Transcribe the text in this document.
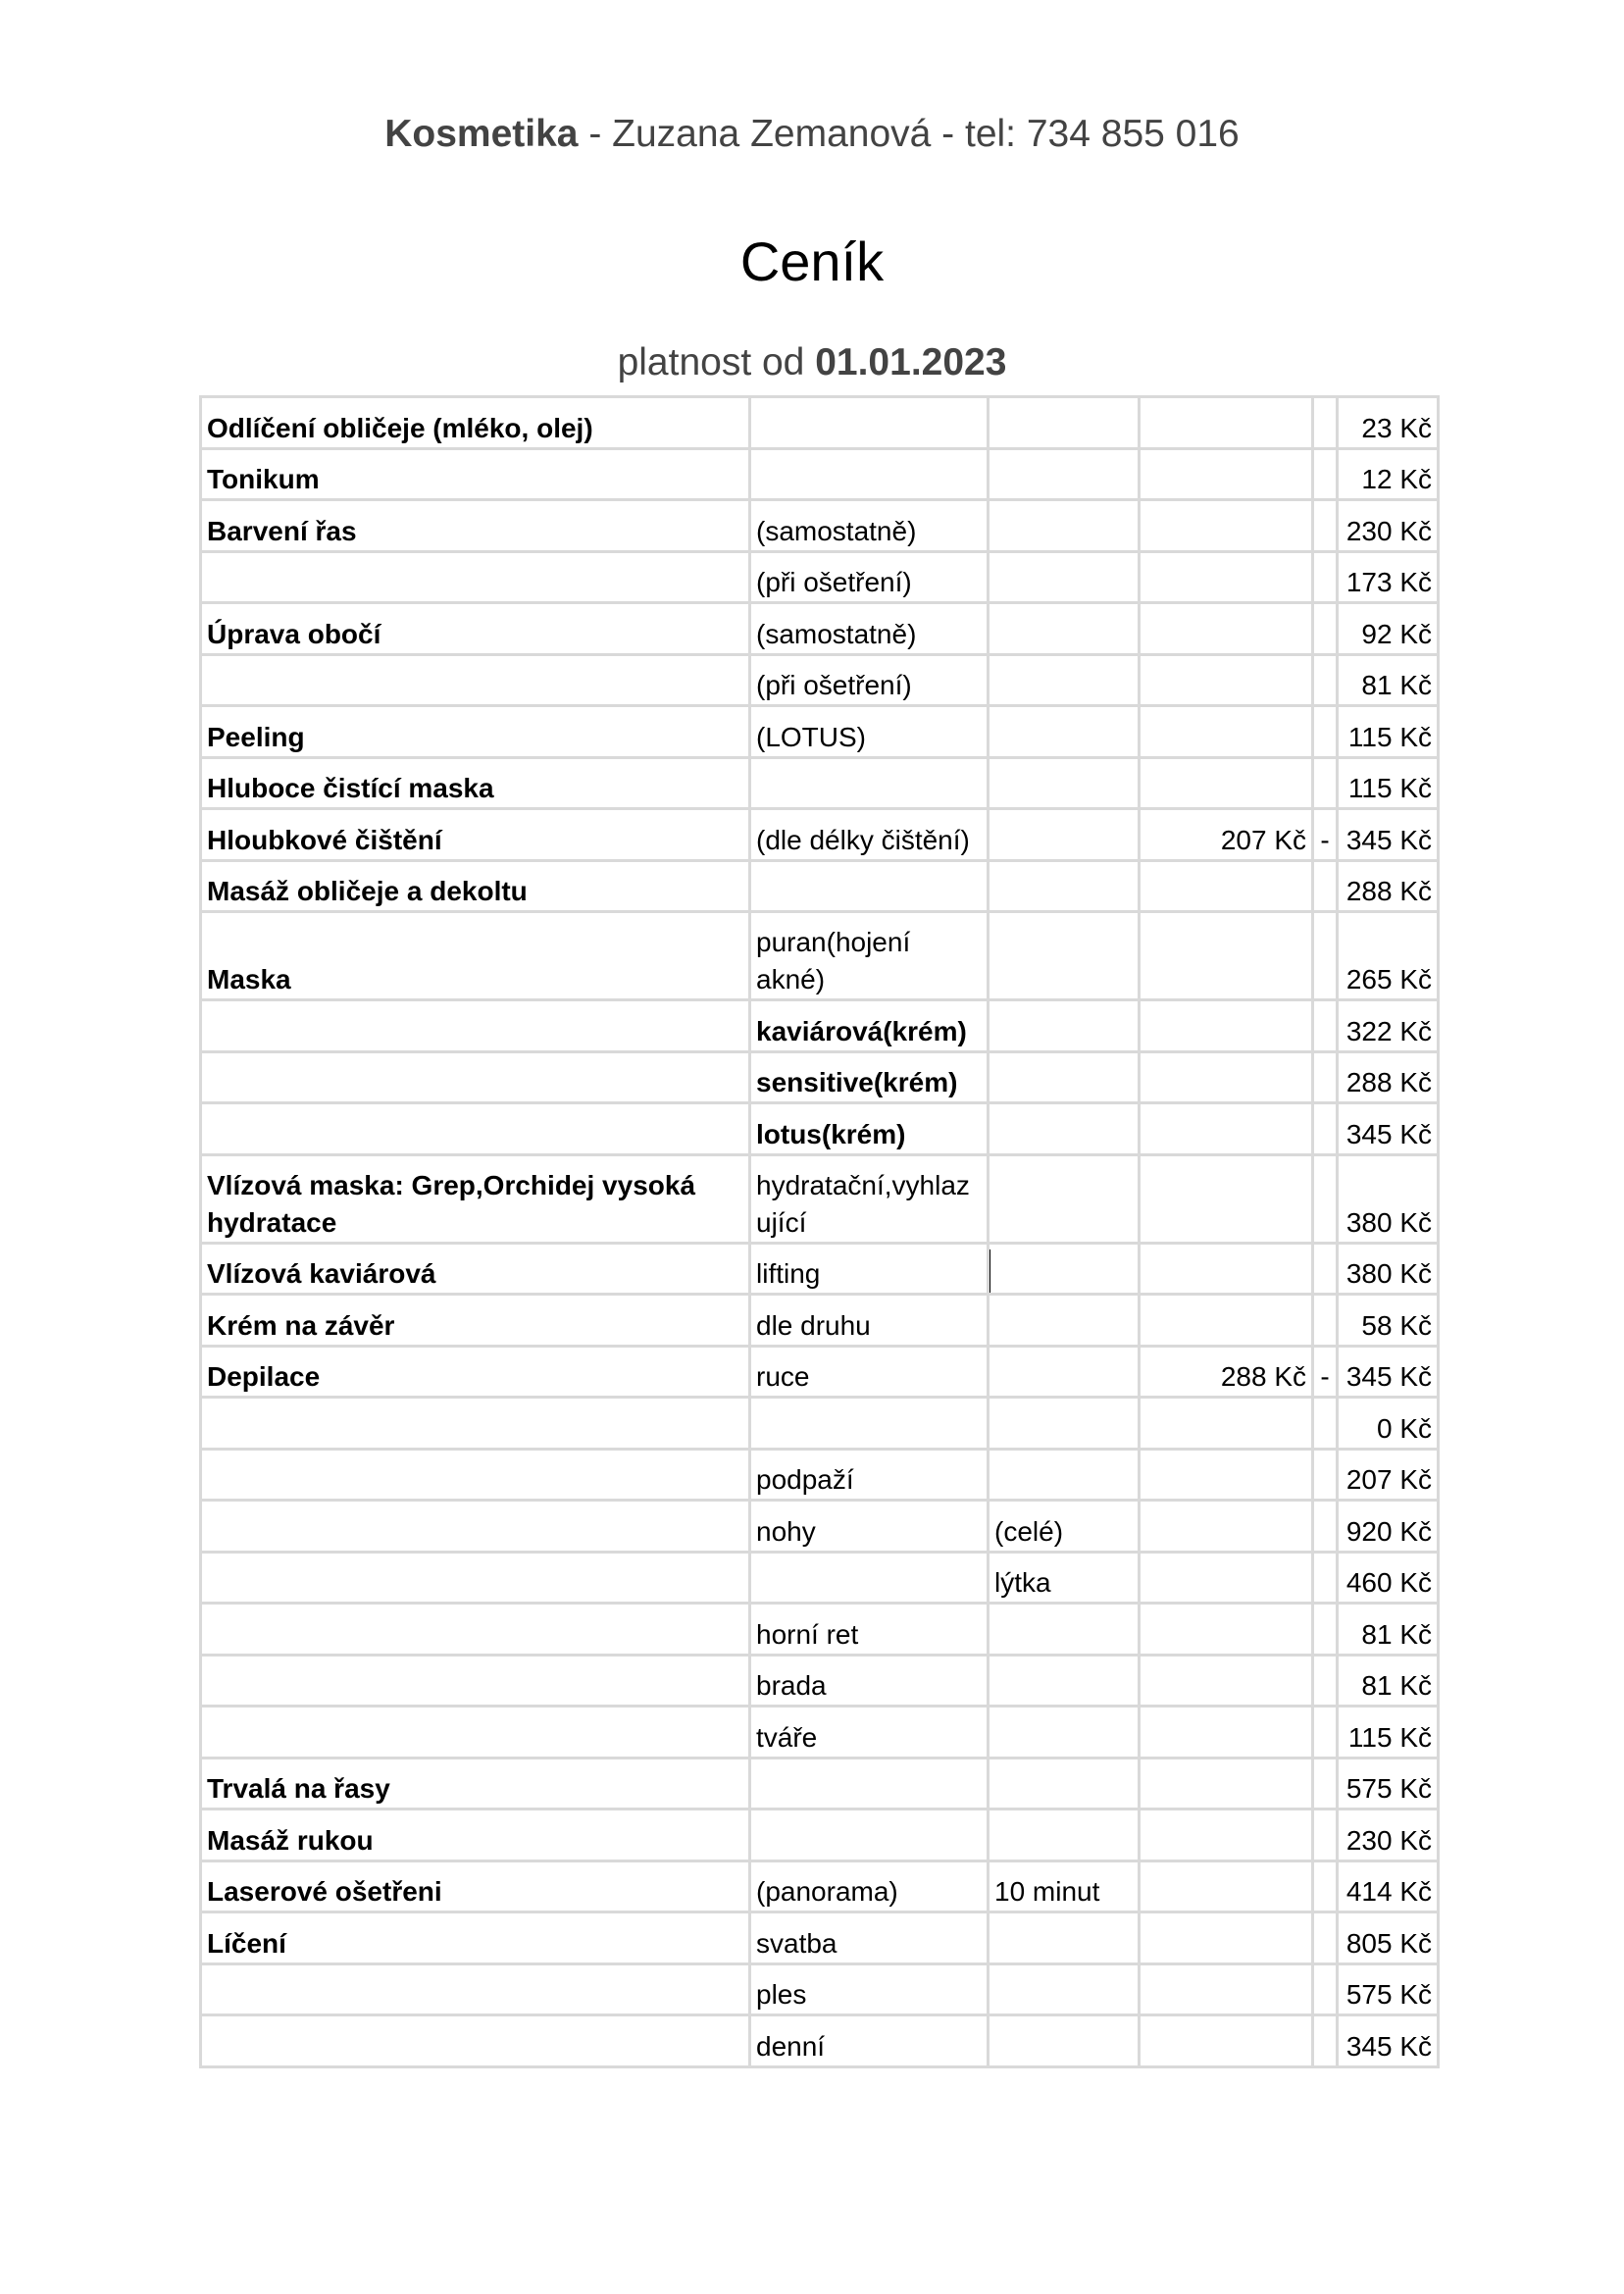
Kosmetika - Zuzana Zemanová - tel: 734 855 016
Ceník
platnost od 01.01.2023
Odlíčení obličeje (mléko, olej)					23 Kč
Tonikum					12 Kč
Barvení řas	(samostatně)				230 Kč
	(při ošetření)				173 Kč
Úprava obočí	(samostatně)				92 Kč
	(při ošetření)				81 Kč
Peeling	(LOTUS)				115 Kč
Hluboce čistící maska					115 Kč
Hloubkové čištění	(dle délky čištění)		207 Kč	-	345 Kč
Masáž obličeje a dekoltu					288 Kč
Maska	puran(hojení akné)				265 Kč
	kaviárová(krém)				322 Kč
	sensitive(krém)				288 Kč
	lotus(krém)				345 Kč
Vlízová maska: Grep,Orchidej vysoká hydratace	hydratační,vyhlaz ující				380 Kč
Vlízová kaviárová	lifting				380 Kč
Krém na závěr	dle druhu				58 Kč
Depilace	ruce		288 Kč	-	345 Kč
					0 Kč
	podpaží				207 Kč
	nohy	(celé)			920 Kč
		lýtka			460 Kč
	horní ret				81 Kč
	brada				81 Kč
	tváře				115 Kč
Trvalá na řasy					575 Kč
Masáž rukou					230 Kč
Laserové ošetřeni	(panorama)	10 minut			414 Kč
Líčení	svatba				805 Kč
	ples				575 Kč
	denní				345 Kč
